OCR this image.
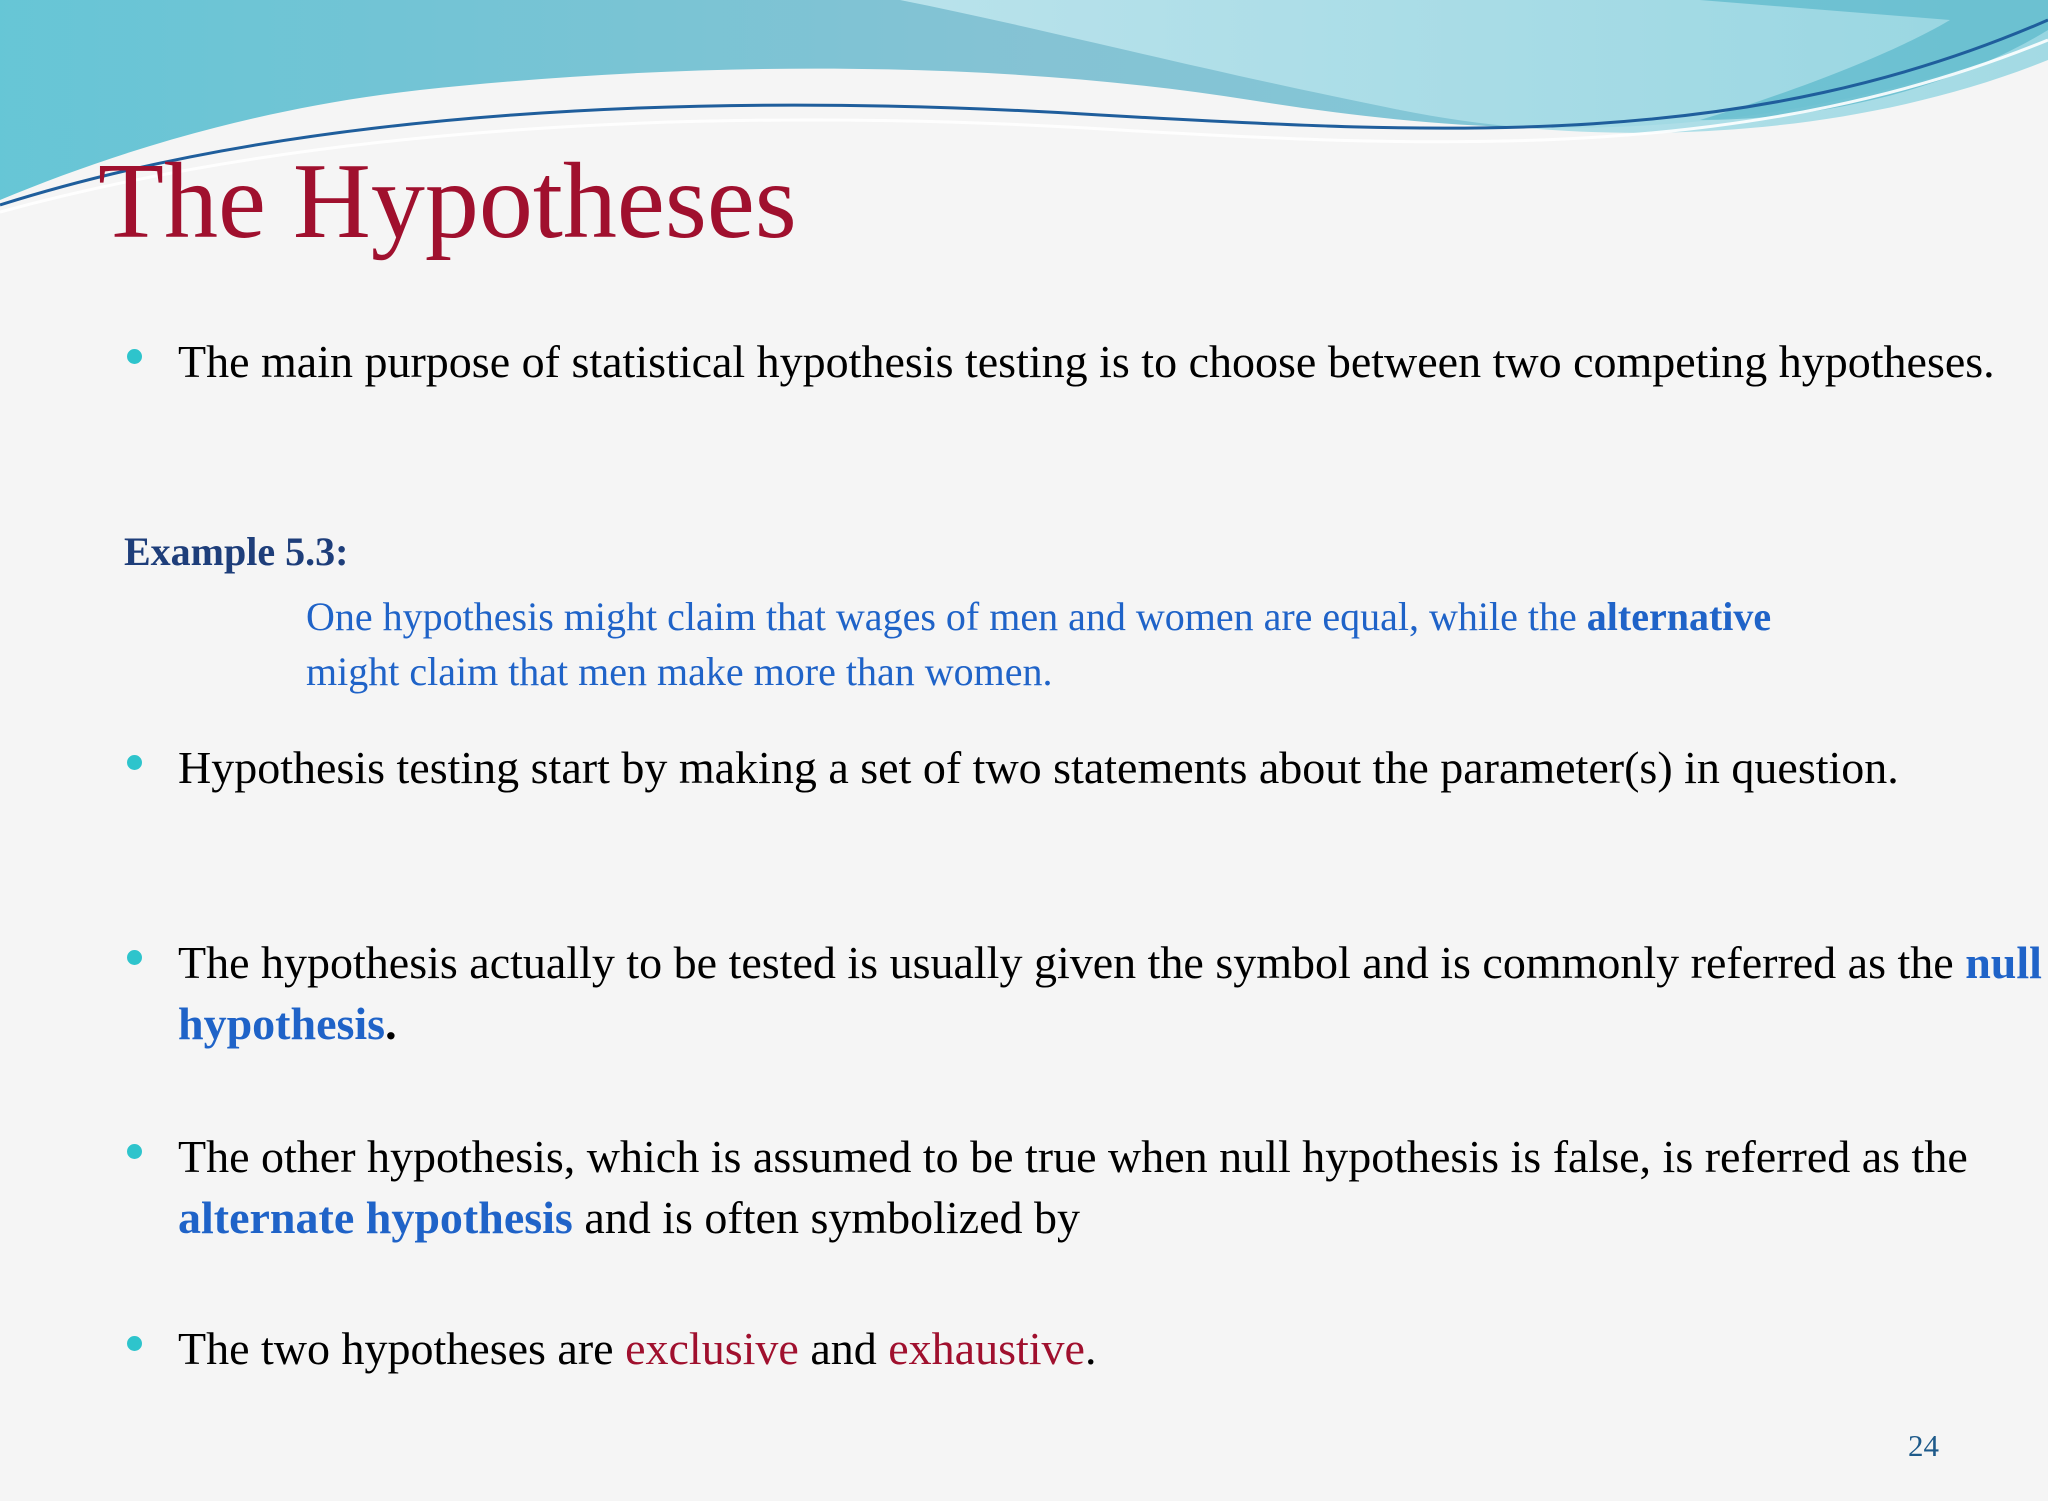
The Hypotheses
The main purpose of statistical hypothesis testing is to choose between two competing hypotheses.
Example 5.3:
One hypothesis might claim that wages of men and women are equal, while the alternative might claim that men make more than women.
Hypothesis testing start by making a set of two statements about the parameter(s) in question.
The hypothesis actually to be tested is usually given the symbol and is commonly referred as the null hypothesis.
The other hypothesis, which is assumed to be true when null hypothesis is false, is referred as the alternate hypothesis and is often symbolized by
The two hypotheses are exclusive and exhaustive.
24
